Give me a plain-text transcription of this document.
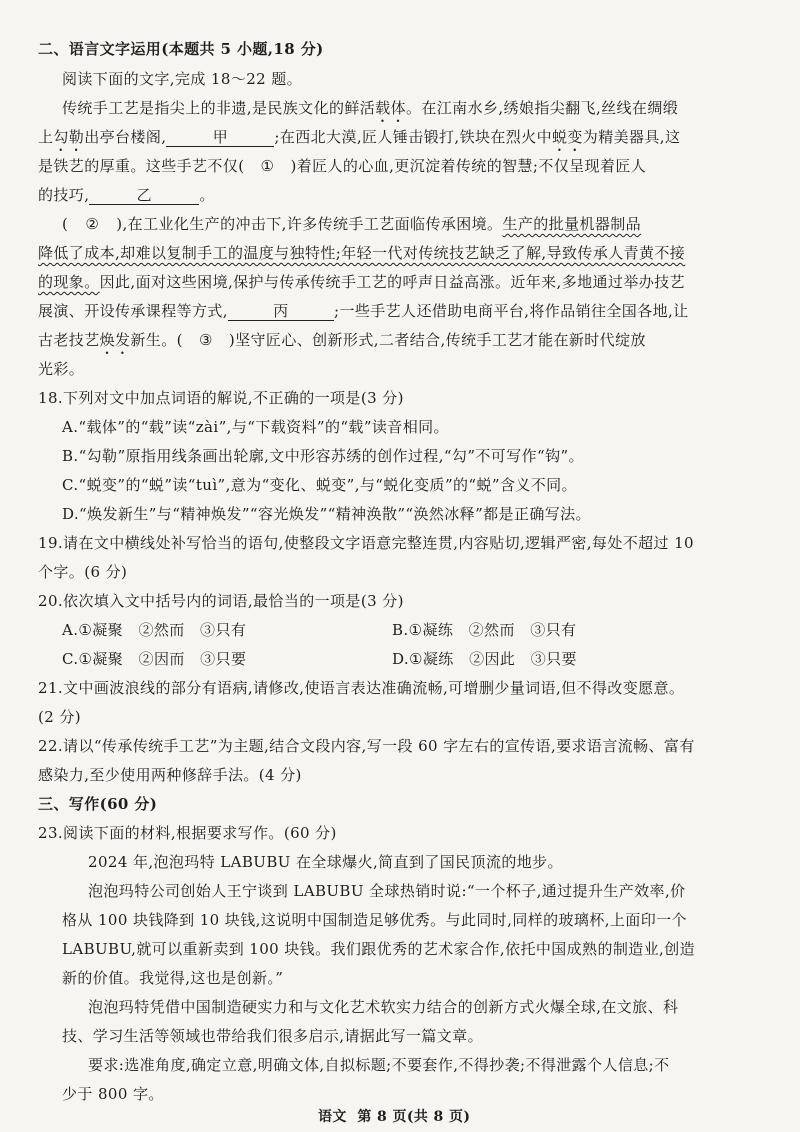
二、语言文字运用(本题共 5 小题,18 分)
阅读下面的文字,完成 18～22 题。
传统手工艺是指尖上的非遗,是民族文化的鲜活载体。在江南水乡,绣娘指尖翻飞,丝线在绸缎
上勾勒出亭台楼阁,	甲	;在西北大漠,匠人锤击锻打,铁块在烈火中蜕变为精美器具,这
是铁艺的厚重。这些手艺不仅( ① )着匠人的心血,更沉淀着传统的智慧;不仅呈现着匠人
的技巧,	乙	。
( ② ),在工业化生产的冲击下,许多传统手工艺面临传承困境。生产的批量机器制品
降低了成本,却难以复制手工的温度与独特性;年轻一代对传统技艺缺乏了解,导致传承人青黄不接
的现象。因此,面对这些困境,保护与传承传统手工艺的呼声日益高涨。近年来,多地通过举办技艺
展演、开设传承课程等方式,	丙	;一些手艺人还借助电商平台,将作品销往全国各地,让
古老技艺焕发新生。( ③ )坚守匠心、创新形式,二者结合,传统手工艺才能在新时代绽放
光彩。
18.下列对文中加点词语的解说,不正确的一项是(3 分)
A.“载体”的“载”读“zài”,与“下载资料”的“载”读音相同。
B.“勾勒”原指用线条画出轮廓,文中形容苏绣的创作过程,“勾”不可写作“钩”。
C.“蜕变”的“蜕”读“tuì”,意为“变化、蜕变”,与“蜕化变质”的“蜕”含义不同。
D.“焕发新生”与“精神焕发”“容光焕发”“精神涣散”“涣然冰释”都是正确写法。
19.请在文中横线处补写恰当的语句,使整段文字语意完整连贯,内容贴切,逻辑严密,每处不超过 10
个字。(6 分)
20.依次填入文中括号内的词语,最恰当的一项是(3 分)
A.①凝聚　②然而　③只有	B.①凝练　②然而　③只有
C.①凝聚　②因而　③只要	D.①凝练　②因此　③只要
21.文中画波浪线的部分有语病,请修改,使语言表达准确流畅,可增删少量词语,但不得改变愿意。
(2 分)
22.请以“传承传统手工艺”为主题,结合文段内容,写一段 60 字左右的宣传语,要求语言流畅、富有
感染力,至少使用两种修辞手法。(4 分)
三、写作(60 分)
23.阅读下面的材料,根据要求写作。(60 分)
2024 年,泡泡玛特 LABUBU 在全球爆火,简直到了国民顶流的地步。
泡泡玛特公司创始人王宁谈到 LABUBU 全球热销时说:“一个杯子,通过提升生产效率,价
格从 100 块钱降到 10 块钱,这说明中国制造足够优秀。与此同时,同样的玻璃杯,上面印一个
LABUBU,就可以重新卖到 100 块钱。我们跟优秀的艺术家合作,依托中国成熟的制造业,创造
新的价值。我觉得,这也是创新。”
泡泡玛特凭借中国制造硬实力和与文化艺术软实力结合的创新方式火爆全球,在文旅、科
技、学习生活等领域也带给我们很多启示,请据此写一篇文章。
要求:选准角度,确定立意,明确文体,自拟标题;不要套作,不得抄袭;不得泄露个人信息;不
少于 800 字。
语文 第 8 页(共 8 页)
